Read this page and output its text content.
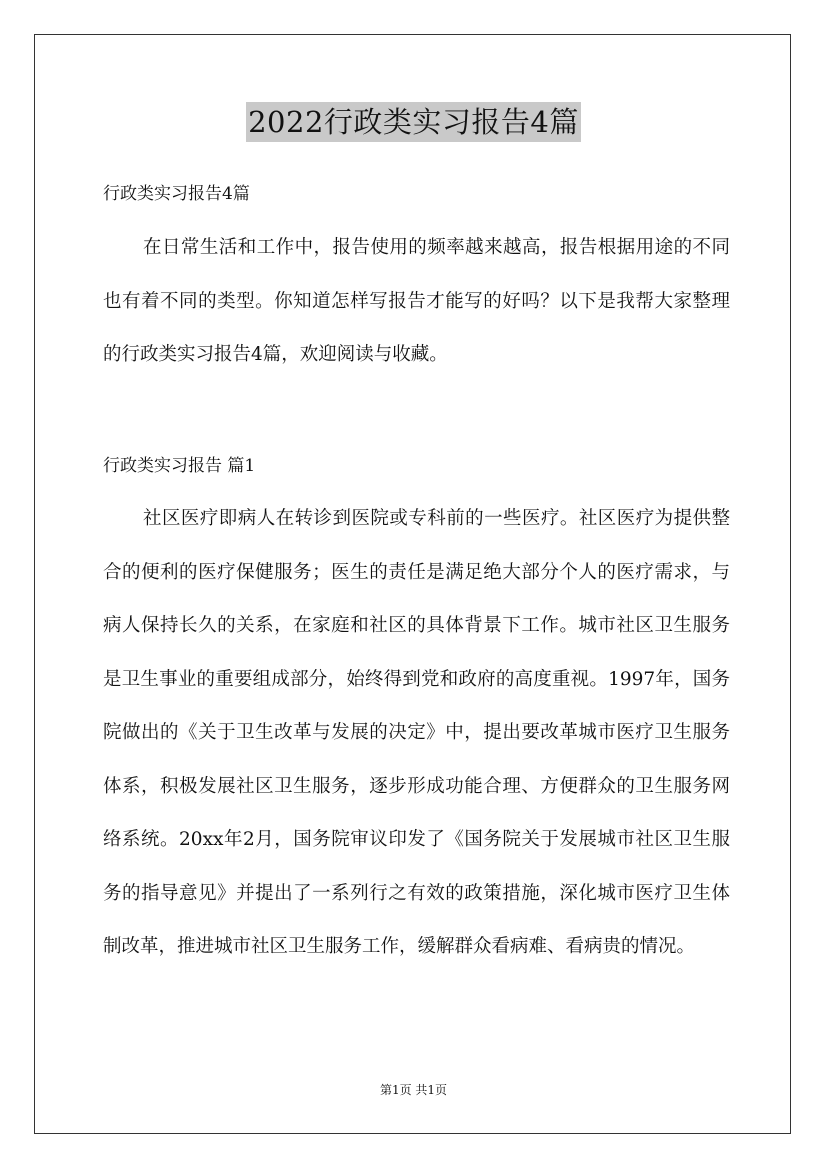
2022行政类实习报告4篇
行政类实习报告4篇

在日常生活和工作中，报告使用的频率越来越高，报告根据用途的不同也有着不同的类型。你知道怎样写报告才能写的好吗？以下是我帮大家整理的行政类实习报告4篇，欢迎阅读与收藏。

行政类实习报告 篇1

社区医疗即病人在转诊到医院或专科前的一些医疗。社区医疗为提供整合的便利的医疗保健服务；医生的责任是满足绝大部分个人的医疗需求，与病人保持长久的关系，在家庭和社区的具体背景下工作。城市社区卫生服务是卫生事业的重要组成部分，始终得到党和政府的高度重视。1997年，国务院做出的《关于卫生改革与发展的决定》中，提出要改革城市医疗卫生服务体系，积极发展社区卫生服务，逐步形成功能合理、方便群众的卫生服务网络系统。20xx年2月，国务院审议印发了《国务院关于发展城市社区卫生服务的指导意见》并提出了一系列行之有效的政策措施，深化城市医疗卫生体制改革，推进城市社区卫生服务工作，缓解群众看病难、看病贵的情况。

第1页 共1页
